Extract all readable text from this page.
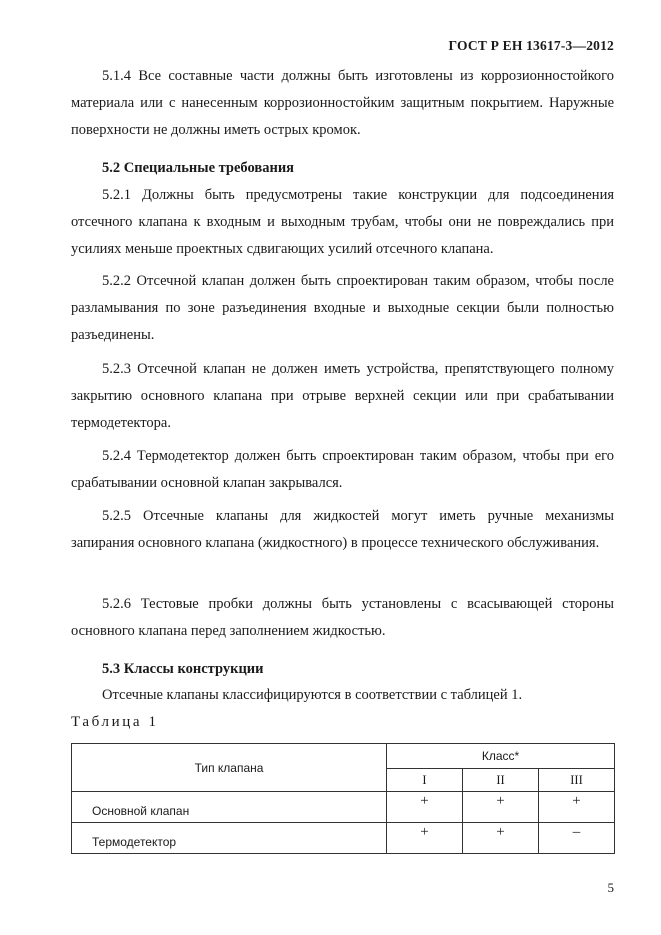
ГОСТ Р ЕН 13617-3—2012

5.1.4 Все составные части должны быть изготовлены из коррозионностойкого материала или с нанесенным коррозионностойким защитным покрытием. Наружные поверхности не должны иметь острых кромок.

5.2 Специальные требования

5.2.1 Должны быть предусмотрены такие конструкции для подсоединения отсечного клапана к входным и выходным трубам, чтобы они не повреждались при усилиях меньше проектных сдвигающих усилий отсечного клапана.

5.2.2 Отсечной клапан должен быть спроектирован таким образом, чтобы после разламывания по зоне разъединения входные и выходные секции были полностью разъединены.

5.2.3 Отсечной клапан не должен иметь устройства, препятствующего полному закрытию основного клапана при отрыве верхней секции или при срабатывании термодетектора.

5.2.4 Термодетектор должен быть спроектирован таким образом, чтобы при его срабатывании основной клапан закрывался.

5.2.5 Отсечные клапаны для жидкостей могут иметь ручные механизмы запирания основного клапана (жидкостного) в процессе технического обслуживания.

5.2.6 Тестовые пробки должны быть установлены с всасывающей стороны основного клапана перед заполнением жидкостью.

5.3 Классы конструкции

Отсечные клапаны классифицируются в соответствии с таблицей 1.

Таблица 1
Тип клапана	Класс*		
	I	II	III
Основной клапан	+	+	+
Термодетектор	+	+	–
5
